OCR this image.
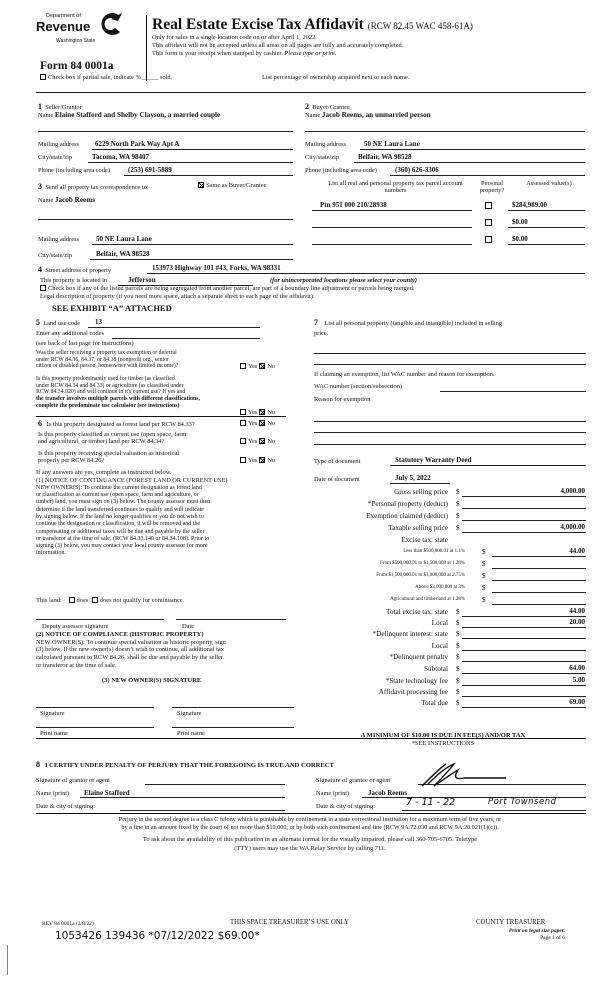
Department of
Revenue
Washington State
Real Estate Excise Tax Affidavit (RCW 82.45 WAC 458-61A)
Only for sales in a single location code on or after April 1, 2022.
This affidavit will not be accepted unless all areas on all pages are fully and accurately completed.
This form is your receipt when stamped by cashier. Please type or print.
Form 84 0001a
Check box if partial sale, indicate % _____ sold.	List percentage of ownership acquired next to each name.
1 Seller/Grantor
Name Elaine Stafford and Shelby Clayson, a married couple
Mailing address 6229 North Park Way Apt A
City/state/zip	Tacoma, WA 98407
Phone (including area code)	(253) 691-5889
2 Buyer/Grantee
Name Jacob Reems, an unmarried person
Mailing address	50 NE Laura Lane
City/state/zip	Belfair, WA 98528
Phone (including area code)	(360) 626-3306
3 Send all property tax correspondence to:	Same as Buyer/Grantee
Name Jacob Reems
Mailing address 50 NE Laura Lane
City/state/zip	Belfair, WA 98528
List all real and personal property tax parcel account numbers
Personal property?
Assessed value(s)
Ptn 951 000 210/28938	$284,989.00
$0.00
$0.00
4 Street address of property	153973 Highway 101 #43, Forks, WA 98331
This property is located in	Jefferson	(for unincorporated locations please select your county)
Check box if any of the listed parcels are being segregated from another parcel, are part of a boundary line adjustment or parcels being merged.
Legal description of property (if you need more space, attach a separate sheet to each page of the affidavit).
SEE EXHIBIT “A” ATTACHED
5 Land use code 13
Enter any additional codes
(see back of last page for instructions)
Was the seller receiving a property tax exemption or deferral
under RCW 84.36, 84.37, or 84.38 (nonprofit org., senior
citizen or disabled person, homeowner with limited income)?	Yes No
Is this property predominantly used for timber (as classified
under RCW 84.34 and 84.33) or agriculture (as classified under
RCW 84.34.020) and will continue in it's current use? If yes and
the transfer involves multiple parcels with different classifications,
complete the predominate use calculator (see instructions)
Yes No
6 Is this property designated as forest land per RCW 84.33?	Yes No
Is this property classified as current use (open space, farm
and agricultural, or timber) land per RCW 84.34?	Yes No
Is this property receiving special valuation as historical
property per RCW 84.26?	Yes No
If any answers are yes, complete as instructed below.
(1) NOTICE OF CONTINUANCE (FOREST LAND OR CURRENT USE)
NEW OWNER(S): To continue the current designation as forest land
or classification as current use (open space, farm and agriculture, or
timber) land, you must sign on (3) below. The county assessor must then
determine if the land transferred continues to qualify and will indicate
by signing below. If the land no longer qualifies or you do not wish to
continue the designation or classification, it will be removed and the
compensating or additional taxes will be due and payable by the seller
or transferor at the time of sale. (RCW 84.33.140 or 84.34.108). Prior to
signing (3) below, you may contact your local county assessor for more
information.
This land: does does not qualify for continuance.
Deputy assessor signature	Date
(2) NOTICE OF COMPLIANCE (HISTORIC PROPERTY)
NEW OWNER(S): To continue special valuation as historic property, sign
(3) below. If the new owner(s) doesn’t wish to continue, all additional tax
calculated pursuant to RCW 84.26, shall be due and payable by the seller
or transferor at the time of sale.
(3) NEW OWNER(S) SIGNATURE
Signature	Signature
Print name	Print name
7 List all personal property (tangible and intangible) included in selling
price.
If claiming an exemption, list WAC number and reason for exemption.
WAC number (section/subsection)
Reason for exemption
Type of document	Statutory Warranty Deed
Date of document	July 5, 2022
Gross selling price $	4,000.00
*Personal property (deduct) $
Exemption claimed (deduct) $
Taxable selling price $	4,000.00
Excise tax: state
Less than $500,000.01 at 1.1% $	44.00
From $500,000.01 to $1,500,000 at 1.28% $
From $1,500,000.01 to $3,000,000 at 2.75% $
Above $3,000,000 at 3% $
Agricultural and timberland at 1.28% $
Total excise tax: state $	44.00
Local $	20.00
*Delinquent interest: state $
Local $
*Delinquent penalty $
Subtotal $	64.00
*State technology fee $	5.00
Affidavit processing fee $
Total due $	69.00
A MINIMUM OF $10.00 IS DUE IN FEE(S) AND/OR TAX
*SEE INSTRUCTIONS
8 I CERTIFY UNDER PENALTY OF PERJURY THAT THE FOREGOING IS TRUE AND CORRECT
Signature of grantor or agent
Name (print) Elaine Stafford
Date & city of signing:
Signature of grantee or agent
Name (print)	Jacob Reems
Date & city of signing:	7 - 11 - 22	Port Townsend
Perjury in the second degree is a class C felony which is punishable by confinement in a state correctional institution for a maximum term of five years, or
by a fine in an amount fixed by the court of not more than $10,000, or by both such confinement and fine (RCW 9A.72.030 and RCW 9A.20.021(1)(c)).
To ask about the availability of this publication in an alternate format for the visually impaired, please call 360-705-6705. Teletype
(TTY) users may use the WA Relay Service by calling 711.
REV 84 0001a (3/8/22)	THIS SPACE TREASURER’S USE ONLY	COUNTY TREASURER
Print on legal size paper.
Page 1 of 6
1053426 139436 *07/12/2022 $69.00*
